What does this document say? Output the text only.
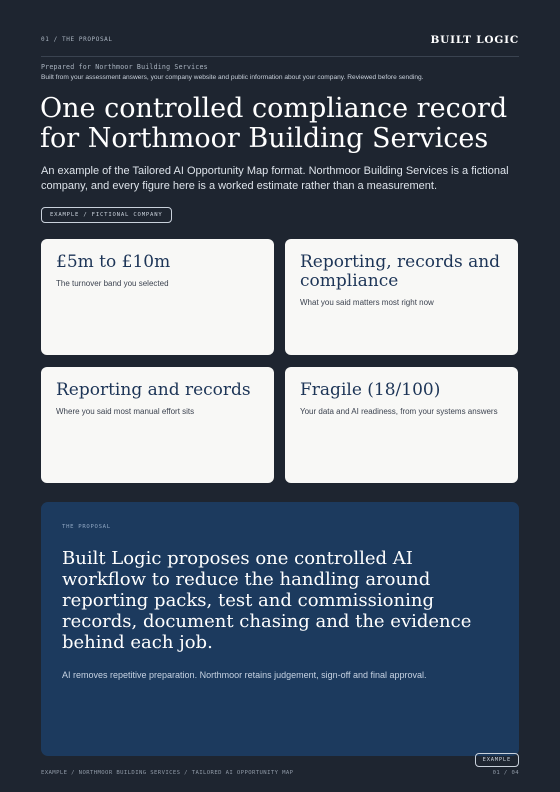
01 / THE PROPOSAL	BUILT LOGIC
Prepared for Northmoor Building Services
Built from your assessment answers, your company website and public information about your company. Reviewed before sending.
One controlled compliance record for Northmoor Building Services
An example of the Tailored AI Opportunity Map format. Northmoor Building Services is a fictional company, and every figure here is a worked estimate rather than a measurement.
EXAMPLE / FICTIONAL COMPANY

£5m to £10m

The turnover band you selected

Reporting, records and compliance

What you said matters most right now

Reporting and records

Where you said most manual effort sits

Fragile (18/100)

Your data and AI readiness, from your systems answers
THE PROPOSAL

Built Logic proposes one controlled AI workflow to reduce the handling around reporting packs, test and commissioning records, document chasing and the evidence behind each job.

AI removes repetitive preparation. Northmoor retains judgement, sign-off and final approval.
EXAMPLE
EXAMPLE / NORTHMOOR BUILDING SERVICES / TAILORED AI OPPORTUNITY MAP	01 / 04
